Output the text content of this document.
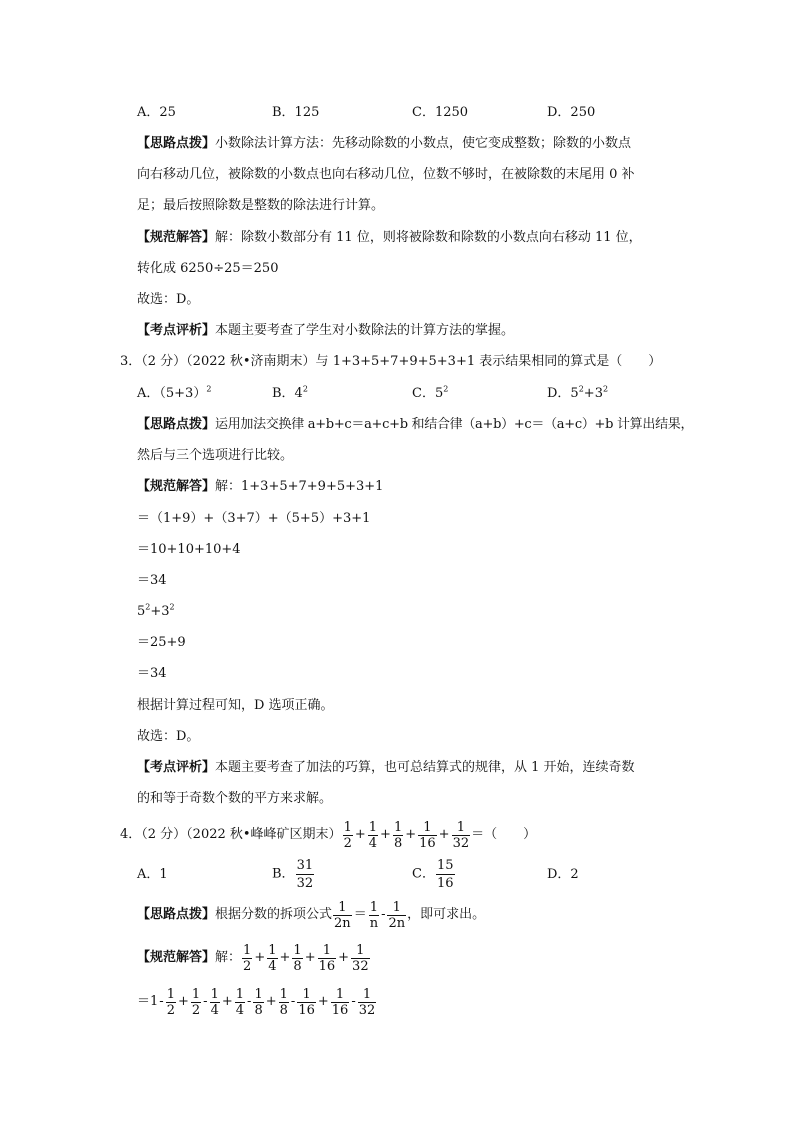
A．25	B．125	C．1250	D．250
【思路点拨】小数除法计算方法：先移动除数的小数点，使它变成整数；除数的小数点
向右移动几位，被除数的小数点也向右移动几位，位数不够时，在被除数的末尾用 0 补
足；最后按照除数是整数的除法进行计算。
【规范解答】解：除数小数部分有 11 位，则将被除数和除数的小数点向右移动 11 位，
转化成 6250÷25＝250
故选：D。
【考点评析】本题主要考查了学生对小数除法的计算方法的掌握。
3．（2 分）（2022 秋•济南期末）与 1+3+5+7+9+5+3+1 表示结果相同的算式是（　　）
A．$(5+3)^2$	B．$4^2$	C．$5^2$	D．$5^2+3^2$
【思路点拨】运用加法交换律 a+b+c＝a+c+b 和结合律（a+b）+c＝（a+c）+b 计算出结果，
然后与三个选项进行比较。
【规范解答】解：1+3+5+7+9+5+3+1
＝（1+9）+（3+7）+（5+5）+3+1
＝10+10+10+4
＝34
$5^2+3^2$
＝25+9
＝34
根据计算过程可知，D 选项正确。
故选：D。
【考点评析】本题主要考查了加法的巧算，也可总结算式的规律，从 1 开始，连续奇数
的和等于奇数个数的平方来求解。
4．（2 分）（2022 秋•峰峰矿区期末） $\frac{1}{2} + \frac{1}{4} + \frac{1}{8} + \frac{1}{16} + \frac{1}{32}$ ＝（　　）
A．1	B． $\frac{31}{32}$	C． $\frac{15}{16}$	D．2
【思路点拨】根据分数的拆项公式 $\frac{1}{2n} = \frac{1}{n} - \frac{1}{2n}$ ，即可求出。
【规范解答】解： $\frac{1}{2} + \frac{1}{4} + \frac{1}{8} + \frac{1}{16} + \frac{1}{32}$
$=1- \frac{1}{2} + \frac{1}{2} - \frac{1}{4} + \frac{1}{4} - \frac{1}{8} + \frac{1}{8} - \frac{1}{16} + \frac{1}{16} - \frac{1}{32}$
